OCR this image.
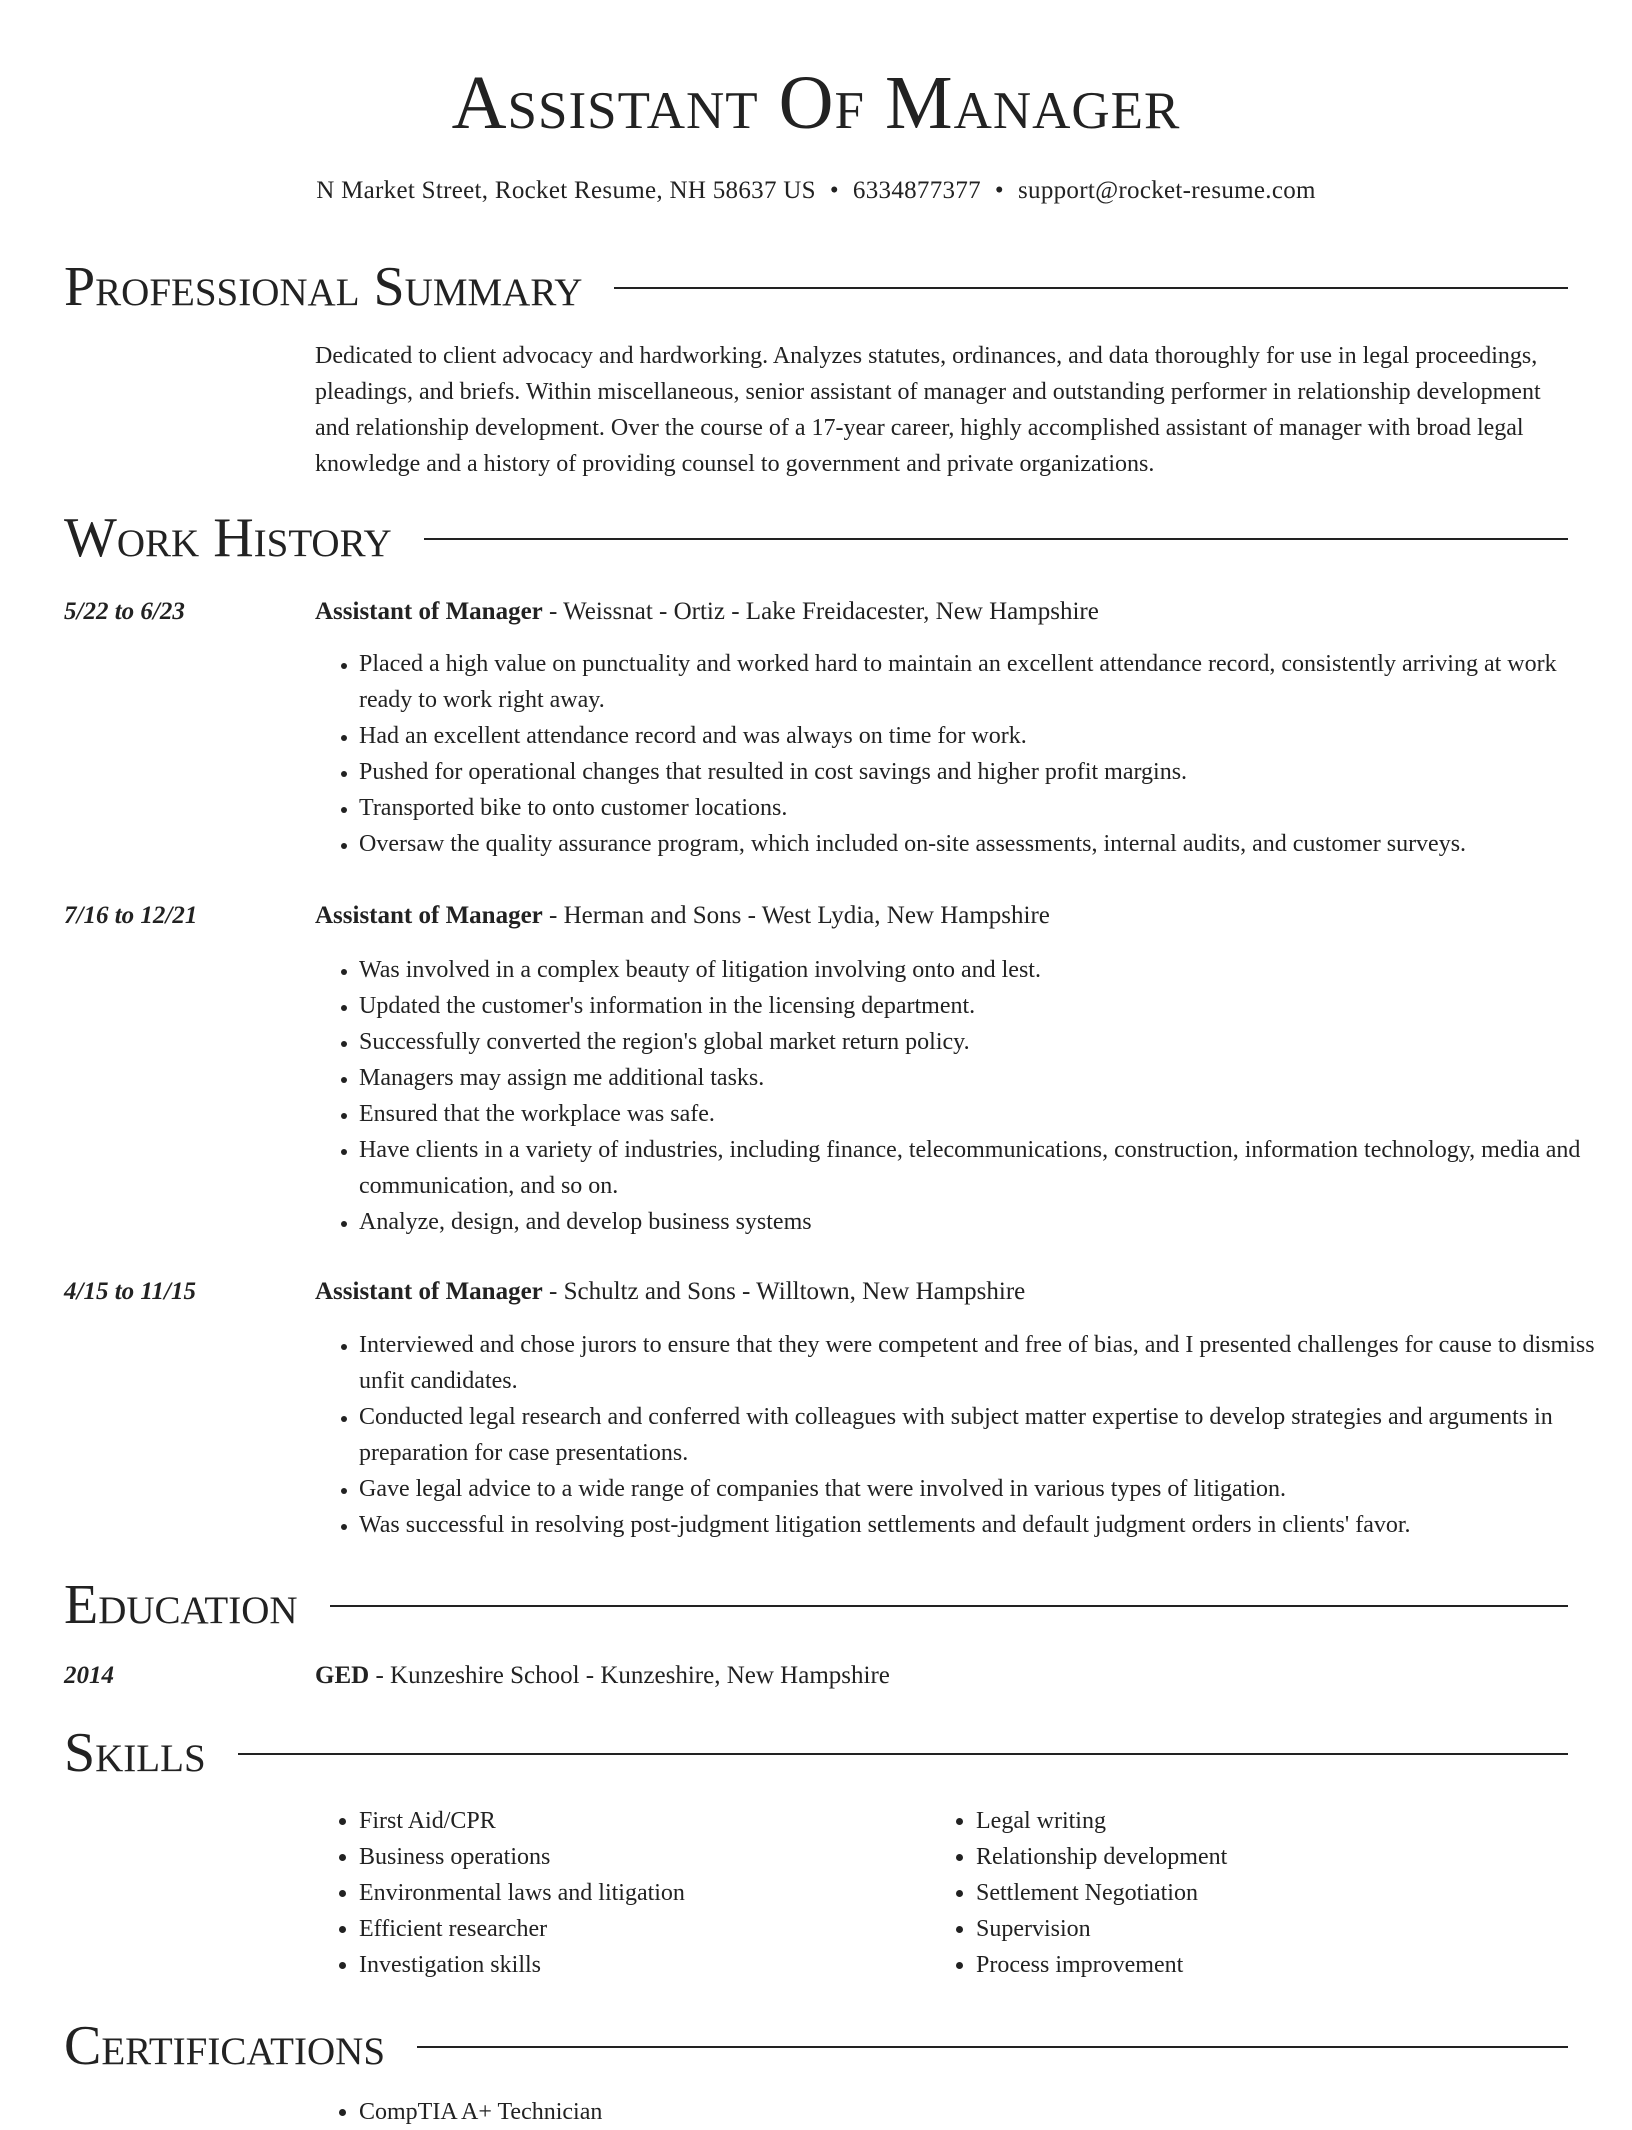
Assistant Of Manager
N Market Street, Rocket Resume, NH 58637 US • 6334877377 • support@rocket-resume.com
Professional Summary
Dedicated to client advocacy and hardworking. Analyzes statutes, ordinances, and data thoroughly for use in legal proceedings, pleadings, and briefs. Within miscellaneous, senior assistant of manager and outstanding performer in relationship development and relationship development. Over the course of a 17-year career, highly accomplished assistant of manager with broad legal knowledge and a history of providing counsel to government and private organizations.
Work History
5/22 to 6/23	Assistant of Manager - Weissnat - Ortiz - Lake Freidacester, New Hampshire
• Placed a high value on punctuality and worked hard to maintain an excellent attendance record, consistently arriving at work ready to work right away.
• Had an excellent attendance record and was always on time for work.
• Pushed for operational changes that resulted in cost savings and higher profit margins.
• Transported bike to onto customer locations.
• Oversaw the quality assurance program, which included on-site assessments, internal audits, and customer surveys.
7/16 to 12/21	Assistant of Manager - Herman and Sons - West Lydia, New Hampshire
• Was involved in a complex beauty of litigation involving onto and lest.
• Updated the customer's information in the licensing department.
• Successfully converted the region's global market return policy.
• Managers may assign me additional tasks.
• Ensured that the workplace was safe.
• Have clients in a variety of industries, including finance, telecommunications, construction, information technology, media and communication, and so on.
• Analyze, design, and develop business systems
4/15 to 11/15	Assistant of Manager - Schultz and Sons - Willtown, New Hampshire
• Interviewed and chose jurors to ensure that they were competent and free of bias, and I presented challenges for cause to dismiss unfit candidates.
• Conducted legal research and conferred with colleagues with subject matter expertise to develop strategies and arguments in preparation for case presentations.
• Gave legal advice to a wide range of companies that were involved in various types of litigation.
• Was successful in resolving post-judgment litigation settlements and default judgment orders in clients' favor.
Education
2014	GED - Kunzeshire School - Kunzeshire, New Hampshire
Skills
• First Aid/CPR
• Business operations
• Environmental laws and litigation
• Efficient researcher
• Investigation skills
• Legal writing
• Relationship development
• Settlement Negotiation
• Supervision
• Process improvement
Certifications
• CompTIA A+ Technician
